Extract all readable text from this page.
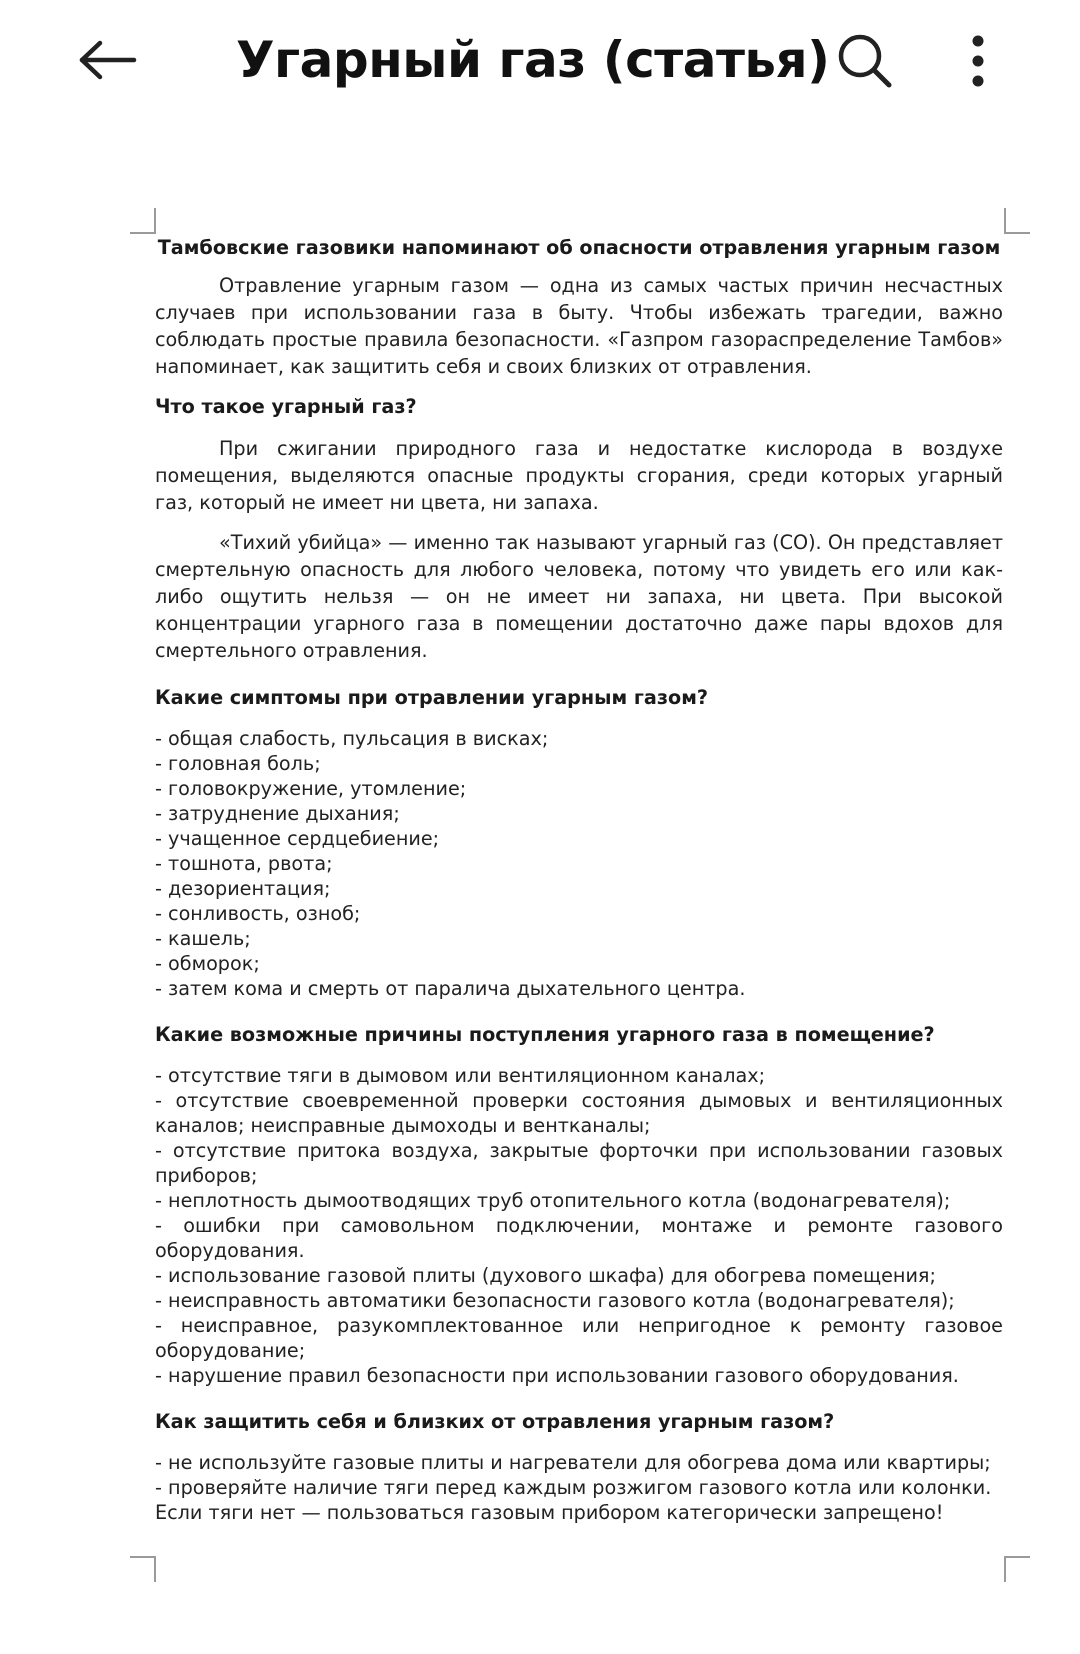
Угарный газ (статья)
Тамбовские газовики напоминают об опасности отравления угарным газом

Отравление угарным газом — одна из самых частых причин несчастных случаев при использовании газа в быту. Чтобы избежать трагедии, важно соблюдать простые правила безопасности. «Газпром газораспределение Тамбов» напоминает, как защитить себя и своих близких от отравления.

Что такое угарный газ?

При сжигании природного газа и недостатке кислорода в воздухе помещения, выделяются опасные продукты сгорания, среди которых угарный газ, который не имеет ни цвета, ни запаха.

«Тихий убийца» — именно так называют угарный газ (СО). Он представляет смертельную опасность для любого человека, потому что увидеть его или как-либо ощутить нельзя — он не имеет ни запаха, ни цвета. При высокой концентрации угарного газа в помещении достаточно даже пары вдохов для смертельного отравления.

Какие симптомы при отравлении угарным газом?
- общая слабость, пульсация в висках;
- головная боль;
- головокружение, утомление;
- затруднение дыхания;
- учащенное сердцебиение;
- тошнота, рвота;
- дезориентация;
- сонливость, озноб;
- кашель;
- обморок;
- затем кома и смерть от паралича дыхательного центра.
Какие возможные причины поступления угарного газа в помещение?
- отсутствие тяги в дымовом или вентиляционном каналах;
- отсутствие своевременной проверки состояния дымовых и вентиляционных каналов; неисправные дымоходы и вентканалы;
- отсутствие притока воздуха, закрытые форточки при использовании газовых приборов;
- неплотность дымоотводящих труб отопительного котла (водонагревателя);
- ошибки при самовольном подключении, монтаже и ремонте газового оборудования.
- использование газовой плиты (духового шкафа) для обогрева помещения;
- неисправность автоматики безопасности газового котла (водонагревателя);
- неисправное, разукомплектованное или непригодное к ремонту газовое оборудование;
- нарушение правил безопасности при использовании газового оборудования.
Как защитить себя и близких от отравления угарным газом?
- не используйте газовые плиты и нагреватели для обогрева дома или квартиры;
- проверяйте наличие тяги перед каждым розжигом газового котла или колонки.

Если тяги нет — пользоваться газовым прибором категорически запрещено!
